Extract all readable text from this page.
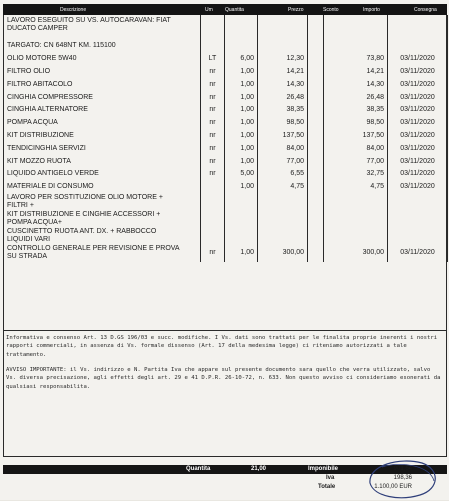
Descrizione	Um Quantita	Prezzo	Sconto	Importo	Consegna
LAVORO ESEGUITO SU VS. AUTOCARAVAN: FIAT
DUCATO CAMPER						

TARGATO: CN 648NT KM. 115100						
OLIO MOTORE 5W40	LT	6,00	12,30		73,80	03/11/2020
FILTRO OLIO	nr	1,00	14,21		14,21	03/11/2020
FILTRO ABITACOLO	nr	1,00	14,30		14,30	03/11/2020
CINGHIA COMPRESSORE	nr	1,00	26,48		26,48	03/11/2020
CINGHIA ALTERNATORE	nr	1,00	38,35		38,35	03/11/2020
POMPA ACQUA	nr	1,00	98,50		98,50	03/11/2020
KIT DISTRIBUZIONE	nr	1,00	137,50		137,50	03/11/2020
TENDICINGHIA SERVIZI	nr	1,00	84,00		84,00	03/11/2020
KIT MOZZO RUOTA	nr	1,00	77,00		77,00	03/11/2020
LIQUIDO ANTIGELO VERDE	nr	5,00	6,55		32,75	03/11/2020
MATERIALE DI CONSUMO		1,00	4,75		4,75	03/11/2020

LAVORO PER SOSTITUZIONE OLIO MOTORE +
FILTRI +						

KIT DISTRIBUZIONE E CINGHIE ACCESSORI +
POMPA ACQUA+						

CUSCINETTO RUOTA ANT. DX. + RABBOCCO
LIQUIDI VARI						

CONTROLLO GENERALE PER REVISIONE E PROVA
SU STRADA	nr	1,00	300,00		300,00	03/11/2020
Informativa e consenso Art. 13 D.GS 196/03 e succ. modifiche. I Vs. dati sono trattati per le finalita proprie inerenti i nostri
rapporti commerciali, in assenza di Vs. formale dissenso (Art. 17 della medesima legge) ci riteniamo autorizzati a tale
trattamento.
AVVISO IMPORTANTE: il Vs. indirizzo e N. Partita Iva che appare sul presente documento sara quello che verra utilizzato, salvo
Vs. diversa precisazione, agli effetti degli art. 29 e 41 D.P.R. 26-10-72, n. 633. Non questo avviso ci consideriamo esonerati da
qualsiasi responsabilita.
Quantita	21,00	Imponibile	901,64
Iva	198,36
Totale	1.100,00 EUR
